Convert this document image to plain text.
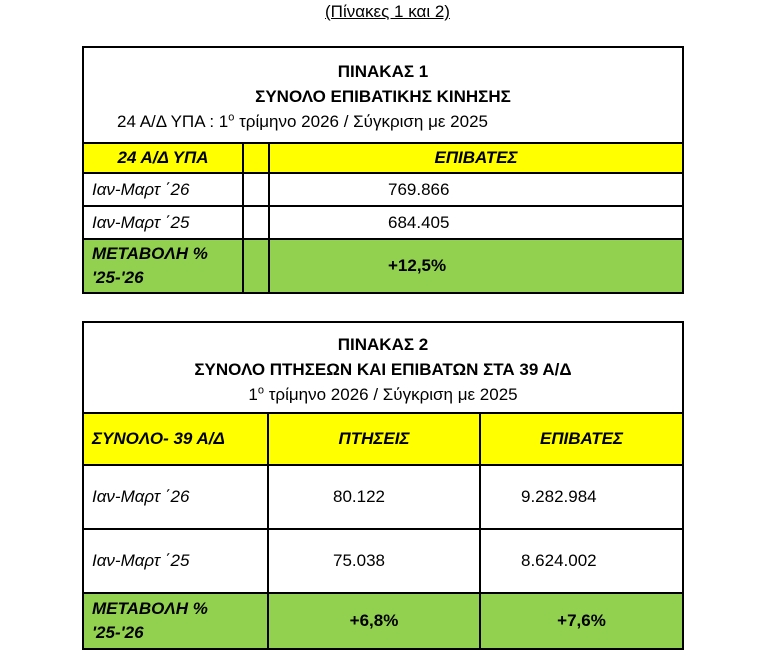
(Πίνακες 1 και 2)
ΠΙΝΑΚΑΣ 1
ΣΥΝΟΛΟ ΕΠΙΒΑΤΙΚΗΣ ΚΙΝΗΣΗΣ
24 Α/Δ ΥΠΑ : $1^o$ τρίμηνο 2026 / Σύγκριση με 2025		

24 Α/Δ ΥΠΑ		ΕΠΙΒΑΤΕΣ
Ιαν-Μαρτ ΄26		769.866
Ιαν-Μαρτ ΄25		684.405
ΜΕΤΑΒΟΛΗ %
'25-'26		+12,5%
ΠΙΝΑΚΑΣ 2
ΣΥΝΟΛΟ ΠΤΗΣΕΩΝ ΚΑΙ ΕΠΙΒΑΤΩΝ ΣΤΑ 39 Α/Δ
$1^o$ τρίμηνο 2026 / Σύγκριση με 2025		

ΣΥΝΟΛΟ- 39 Α/Δ	ΠΤΗΣΕΙΣ	ΕΠΙΒΑΤΕΣ
Ιαν-Μαρτ ΄26	80.122	9.282.984
Ιαν-Μαρτ ΄25	75.038	8.624.002
ΜΕΤΑΒΟΛΗ %
'25-'26	+6,8%	+7,6%
